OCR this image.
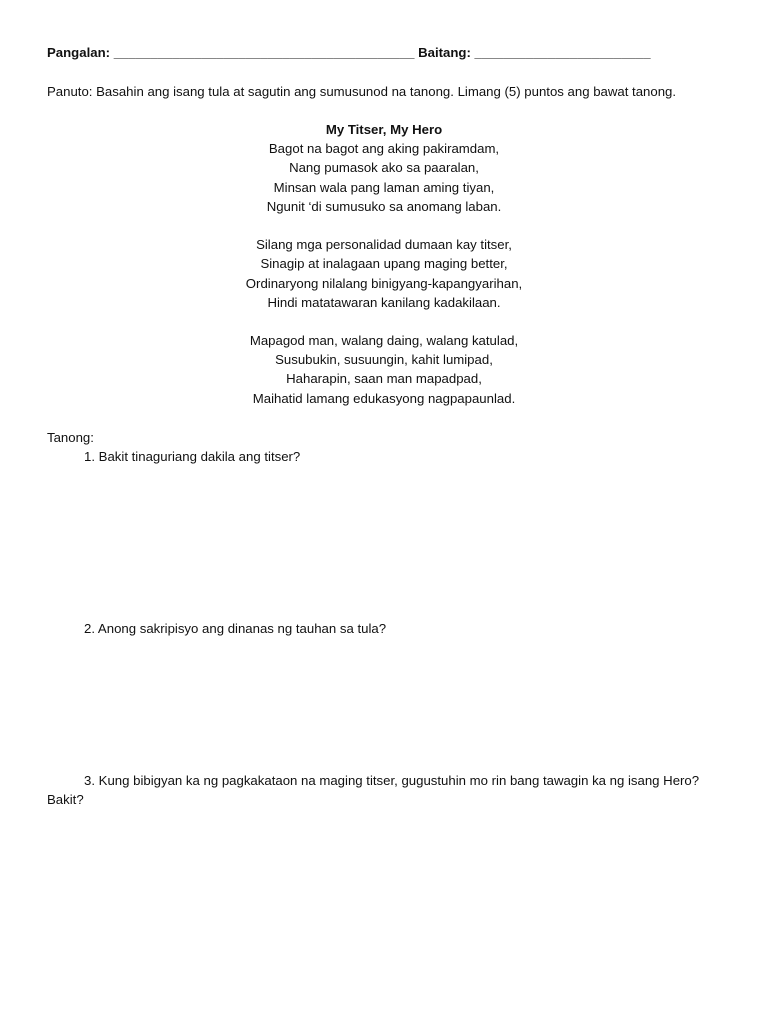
Pangalan: _________________________________________ Baitang: ________________________
Panuto: Basahin ang isang tula at sagutin ang sumusunod na tanong. Limang (5) puntos ang bawat tanong.
My Titser, My Hero
Bagot na bagot ang aking pakiramdam,
Nang pumasok ako sa paaralan,
Minsan wala pang laman aming tiyan,
Ngunit ‘di sumusuko sa anomang laban.
Silang mga personalidad dumaan kay titser,
Sinagip at inalagaan upang maging better,
Ordinaryong nilalang binigyang-kapangyarihan,
Hindi matatawaran kanilang kadakilaan.
Mapagod man, walang daing, walang katulad,
Susubukin, susuungin, kahit lumipad,
Haharapin, saan man mapadpad,
Maihatid lamang edukasyong nagpapaunlad.
Tanong:
1. Bakit tinaguriang dakila ang titser?
2. Anong sakripisyo ang dinanas ng tauhan sa tula?
3. Kung bibigyan ka ng pagkakataon na maging titser, gugustuhin mo rin bang tawagin ka ng isang Hero? Bakit?
